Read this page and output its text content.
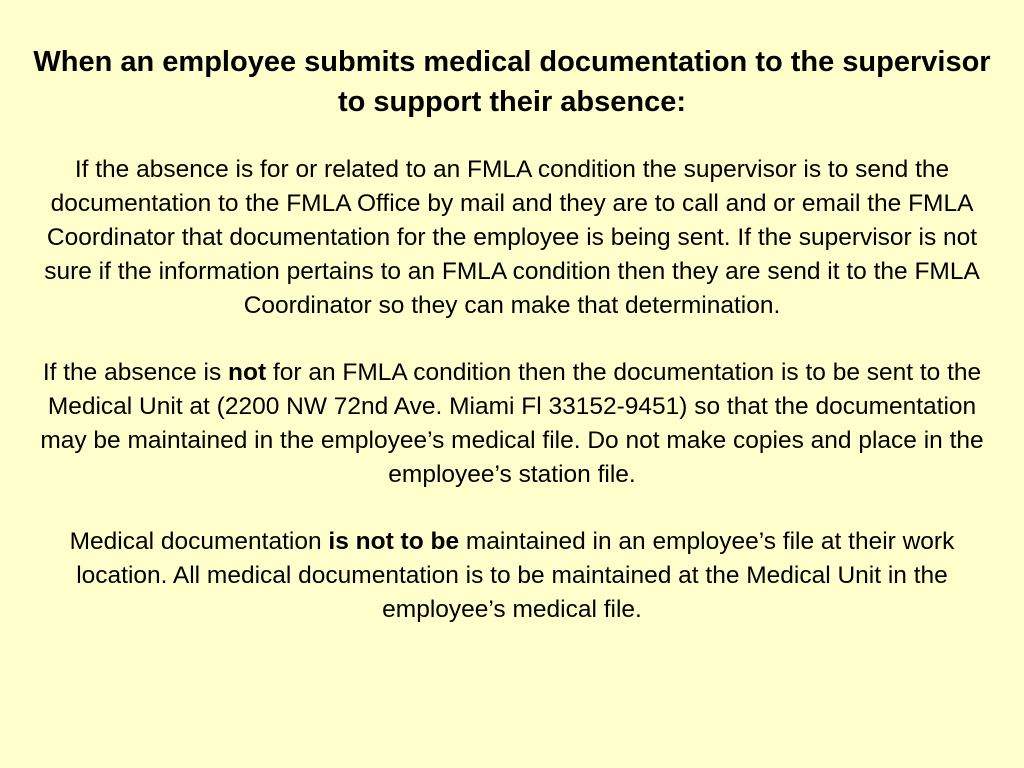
When an employee submits medical documentation to the supervisor to support their absence:

If the absence is for or related to an FMLA condition the supervisor is to send the documentation to the FMLA Office by mail and they are to call and or email the FMLA Coordinator that documentation for the employee is being sent. If the supervisor is not sure if the information pertains to an FMLA condition then they are send it to the FMLA Coordinator so they can make that determination.

If the absence is not for an FMLA condition then the documentation is to be sent to the Medical Unit at (2200 NW 72nd Ave. Miami Fl 33152-9451) so that the documentation may be maintained in the employee’s medical file. Do not make copies and place in the employee’s station file.

Medical documentation is not to be maintained in an employee’s file at their work location. All medical documentation is to be maintained at the Medical Unit in the employee’s medical file.
